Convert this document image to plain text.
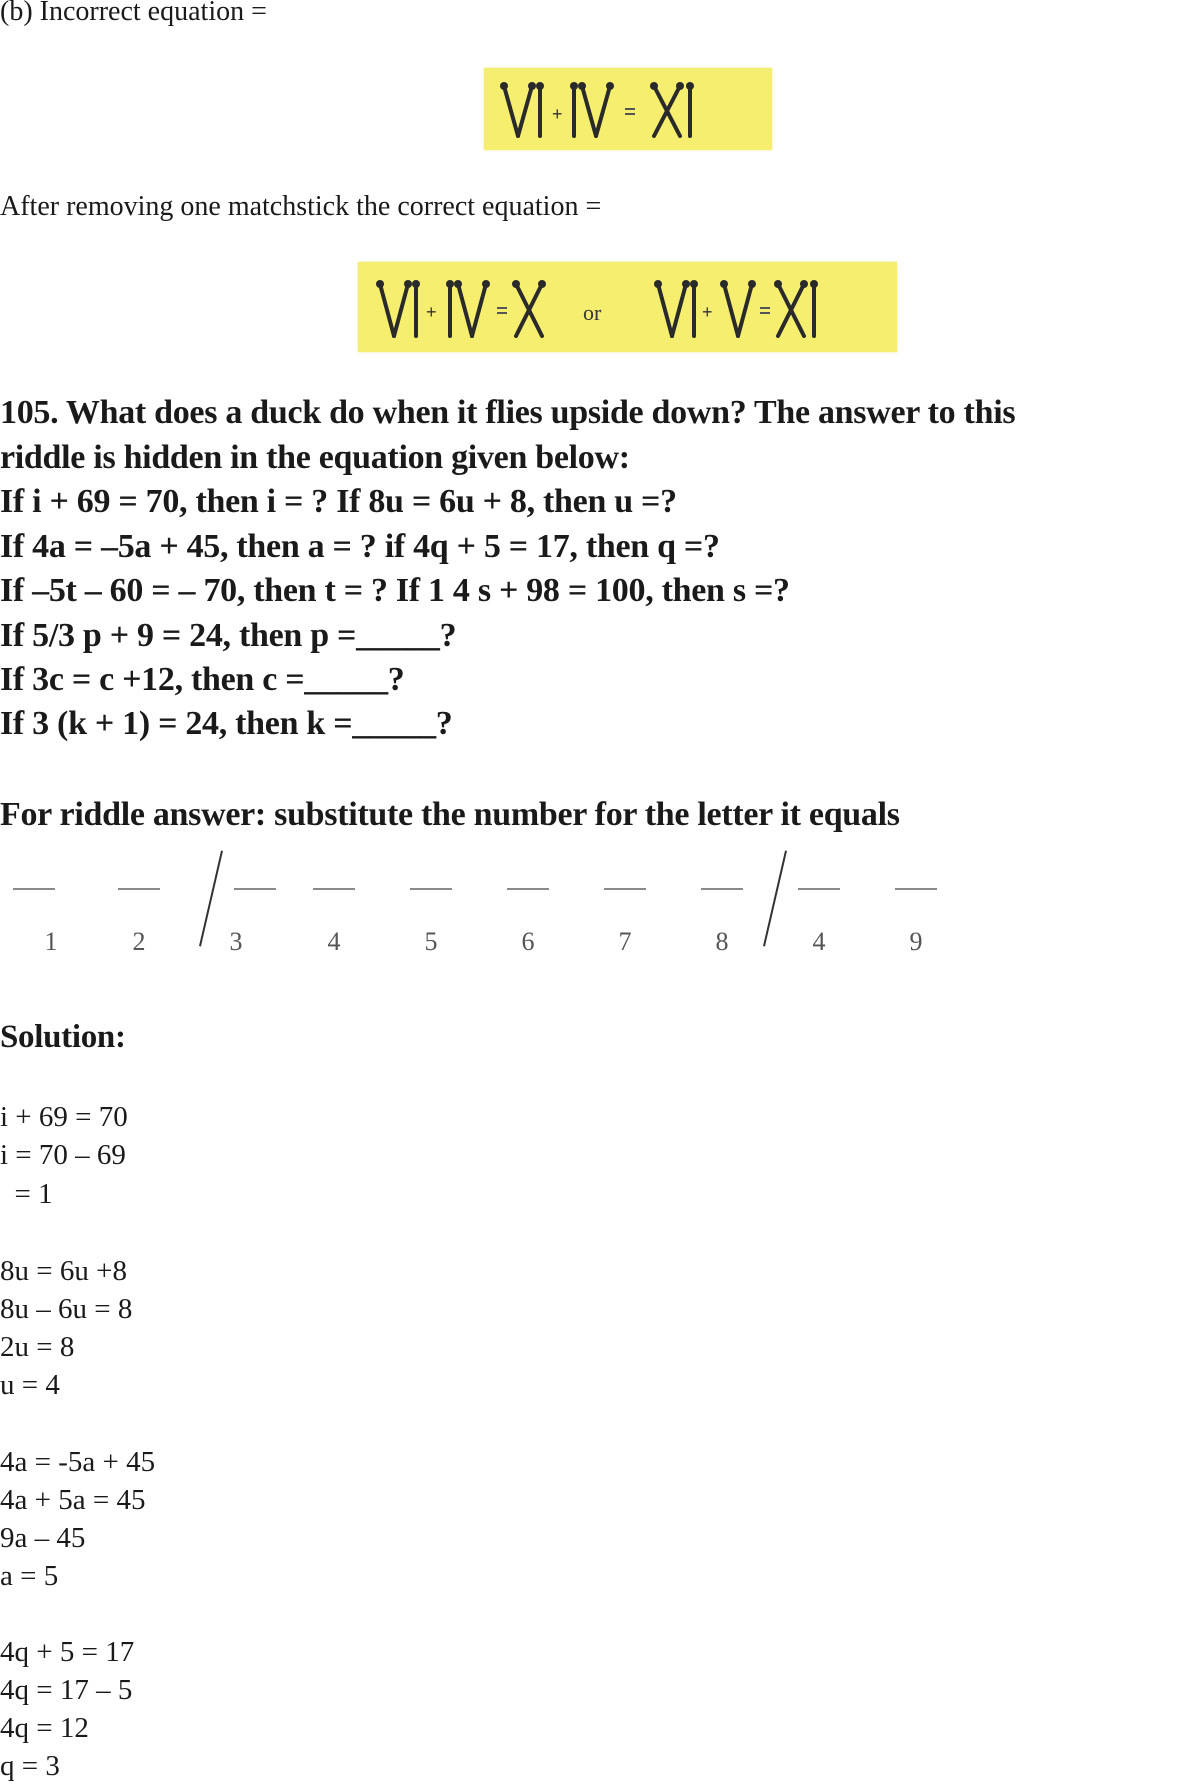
(b) Incorrect equation =
+
After removing one matchstick the correct equation =
+	or	+
105. What does a duck do when it flies upside down? The answer to this
riddle is hidden in the equation given below:
If i + 69 = 70, then i = ? If 8u = 6u + 8, then u =?
If 4a = –5a + 45, then a = ? if 4q + 5 = 17, then q =?
If –5t – 60 = – 70, then t = ? If 1 4 s + 98 = 100, then s =?
If 5/3 p + 9 = 24, then p =_____?
If 3c = c +12, then c =_____?
If 3 (k + 1) = 24, then k =_____?
For riddle answer: substitute the number for the letter it equals
1	2	3	4	5	6	7	8	4	9
Solution:
i + 69 = 70
i = 70 – 69
= 1
8u = 6u +8
8u – 6u = 8
2u = 8
u = 4
4a = -5a + 45
4a + 5a = 45
9a – 45
a = 5
4q + 5 = 17
4q = 17 – 5
4q = 12
q = 3
